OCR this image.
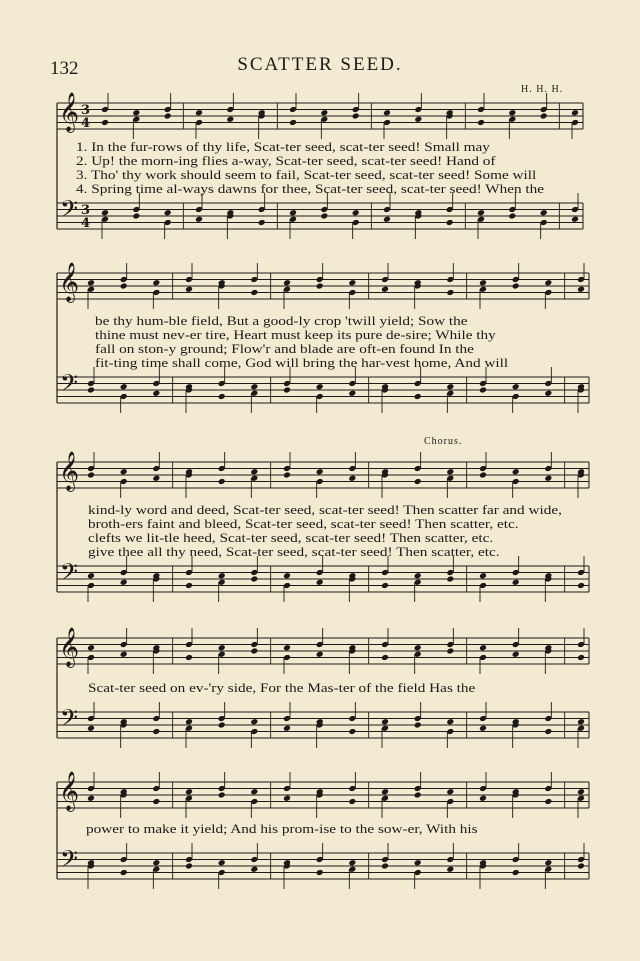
𝄞
𝄢
3
4
3
4
𝄞
𝄢
𝄞
𝄢
𝄞
𝄢
𝄞
𝄢
132	SCATTER SEED.
H. H. H.
Chorus.
1. In the fur-rows of thy life, Scat-ter seed, scat-ter seed! Small may
2. Up! the morn-ing flies a-way, Scat-ter seed, scat-ter seed! Hand of
3. Tho' thy work should seem to fail, Scat-ter seed, scat-ter seed! Some will
4. Spring time al-ways dawns for thee, Scat-ter seed, scat-ter seed! When the
be thy hum-ble field, But a good-ly crop 'twill yield; Sow the
thine must nev-er tire, Heart must keep its pure de-sire; While thy
fall on ston-y ground; Flow'r and blade are oft-en found In the
fit-ting time shall come, God will bring the har-vest home, And will
kind-ly word and deed, Scat-ter seed, scat-ter seed! Then scatter far and wide,
broth-ers faint and bleed, Scat-ter seed, scat-ter seed! Then scatter, etc.
clefts we lit-tle heed, Scat-ter seed, scat-ter seed! Then scatter, etc.
give thee all thy need, Scat-ter seed, scat-ter seed! Then scatter, etc.
Scat-ter seed on ev-'ry side, For the Mas-ter of the field Has the
power to make it yield; And his prom-ise to the sow-er, With his
